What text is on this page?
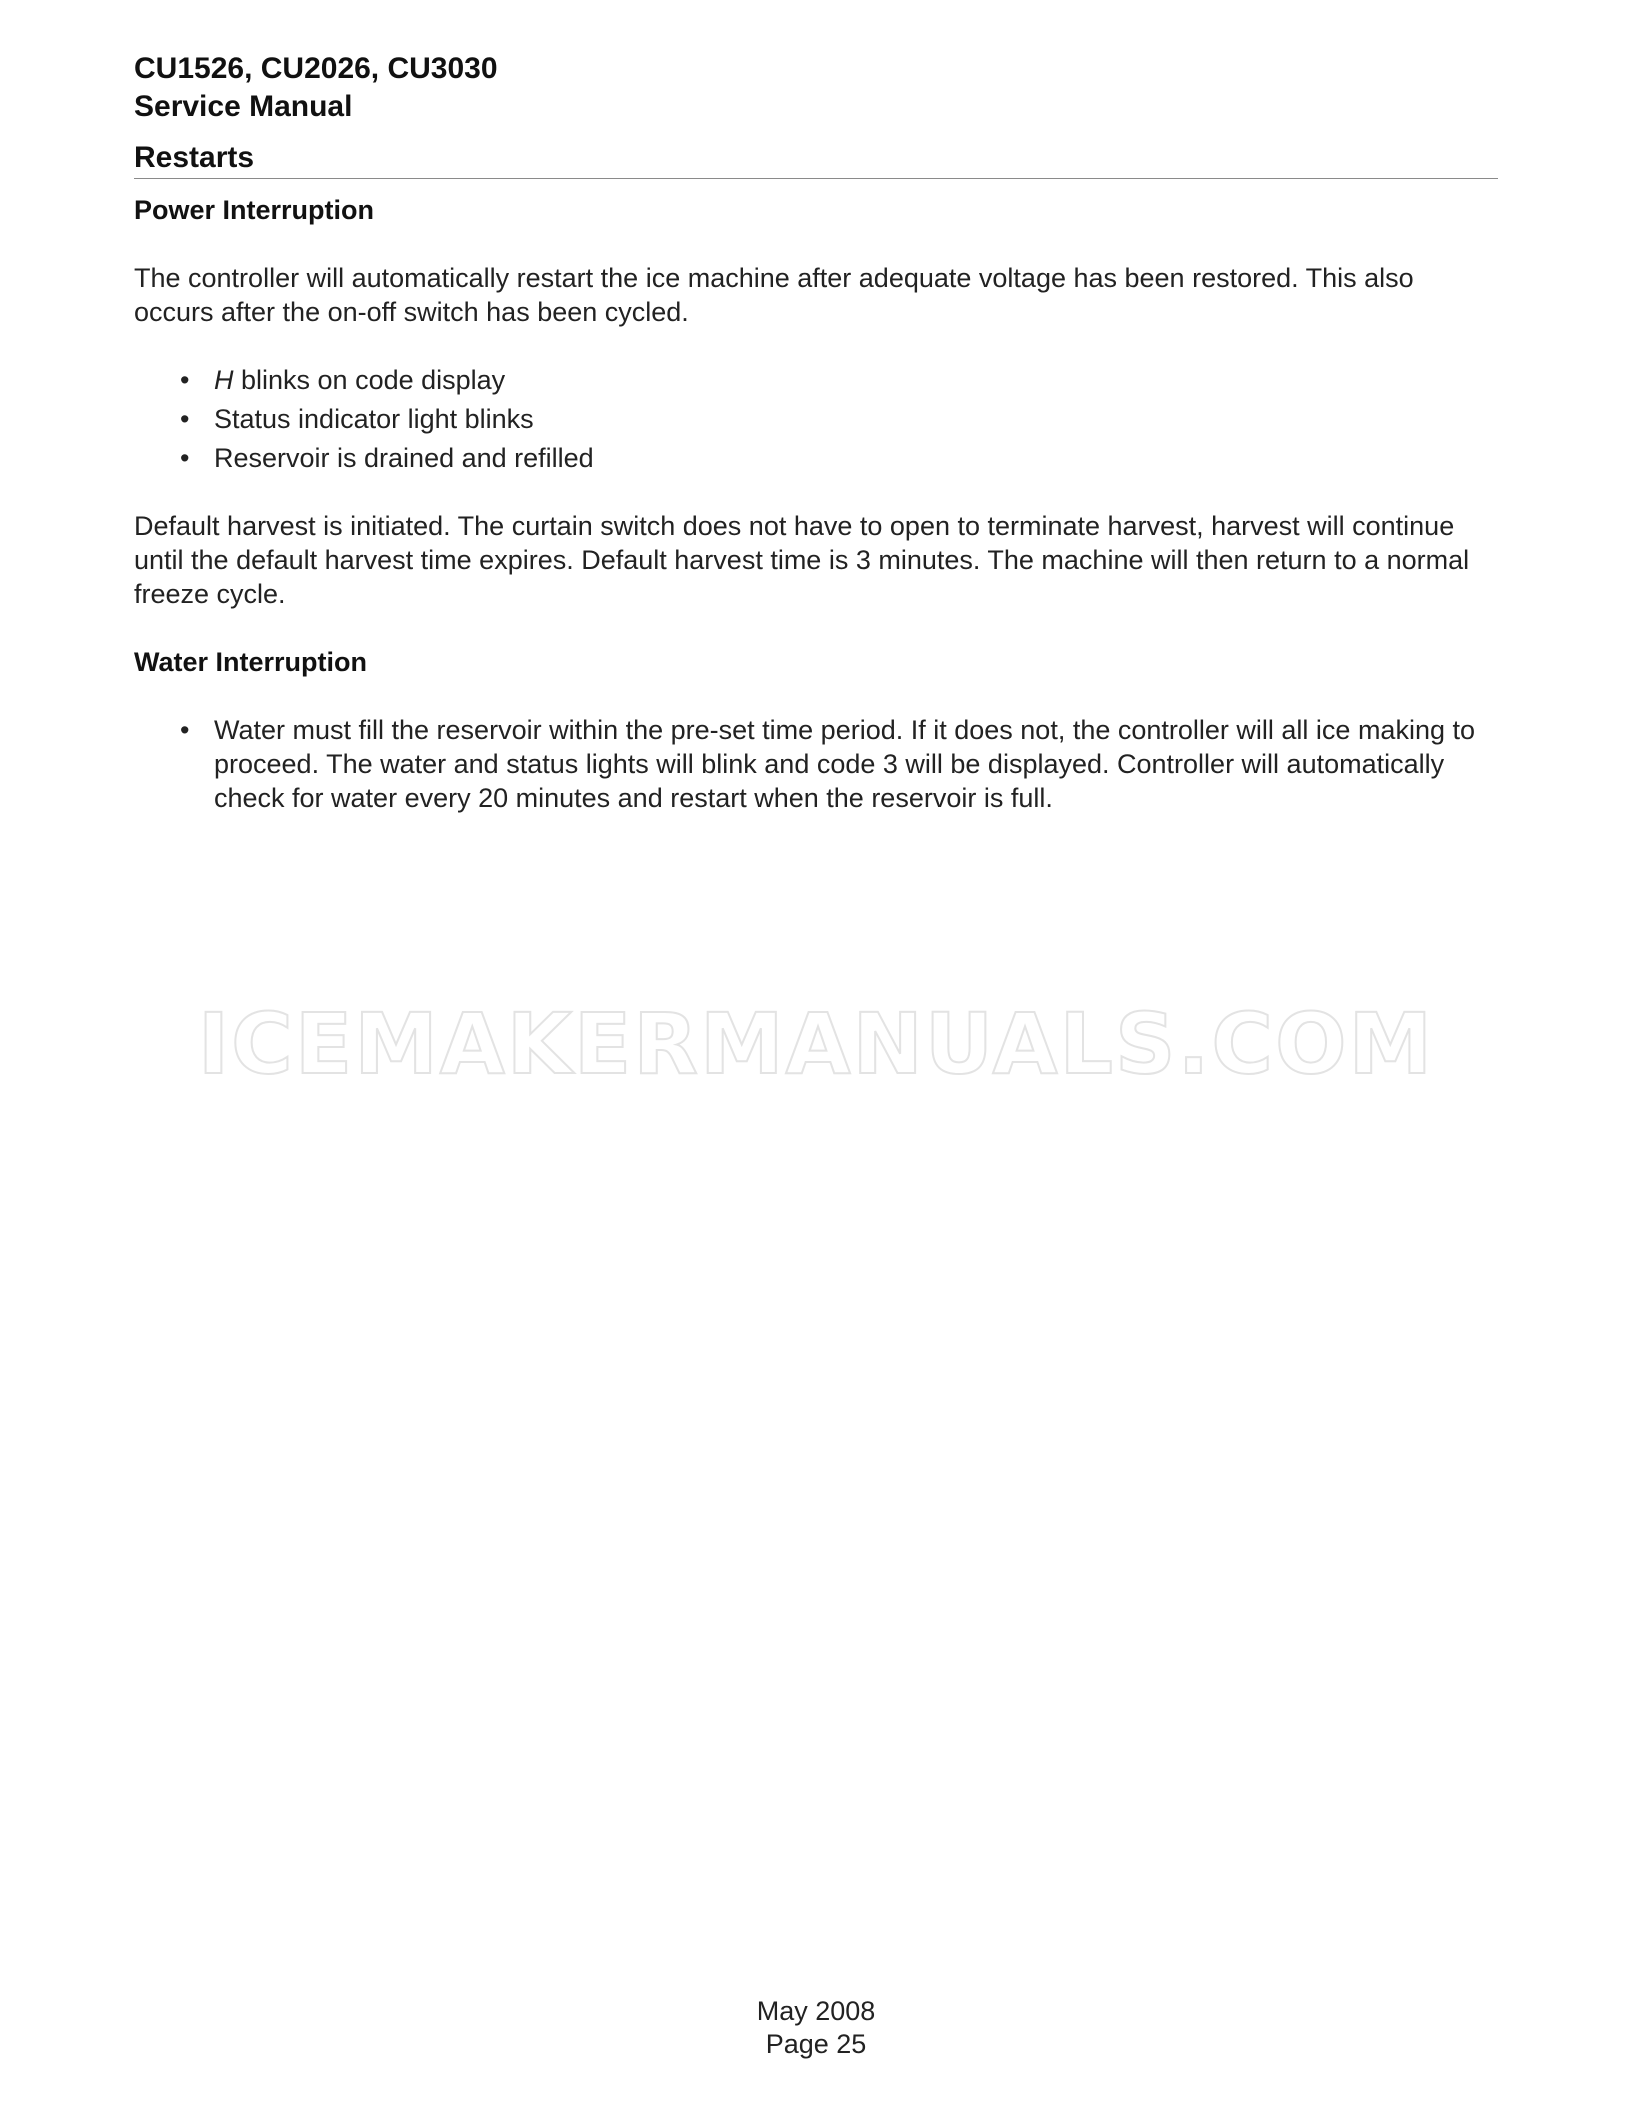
CU1526, CU2026, CU3030
Service Manual
Restarts
Power Interruption

The controller will automatically restart the ice machine after adequate voltage has been restored. This also occurs after the on-off switch has been cycled.

• H blinks on code display
• Status indicator light blinks
• Reservoir is drained and refilled

Default harvest is initiated. The curtain switch does not have to open to terminate harvest, harvest will continue until the default harvest time expires. Default harvest time is 3 minutes. The machine will then return to a normal freeze cycle.

Water Interruption
• Water must fill the reservoir within the pre-set time period. If it does not, the controller will all ice making to proceed. The water and status lights will blink and code 3 will be displayed. Controller will automatically check for water every 20 minutes and restart when the reservoir is full.
ICEMAKERMANUALS.COM
May 2008
Page 25
